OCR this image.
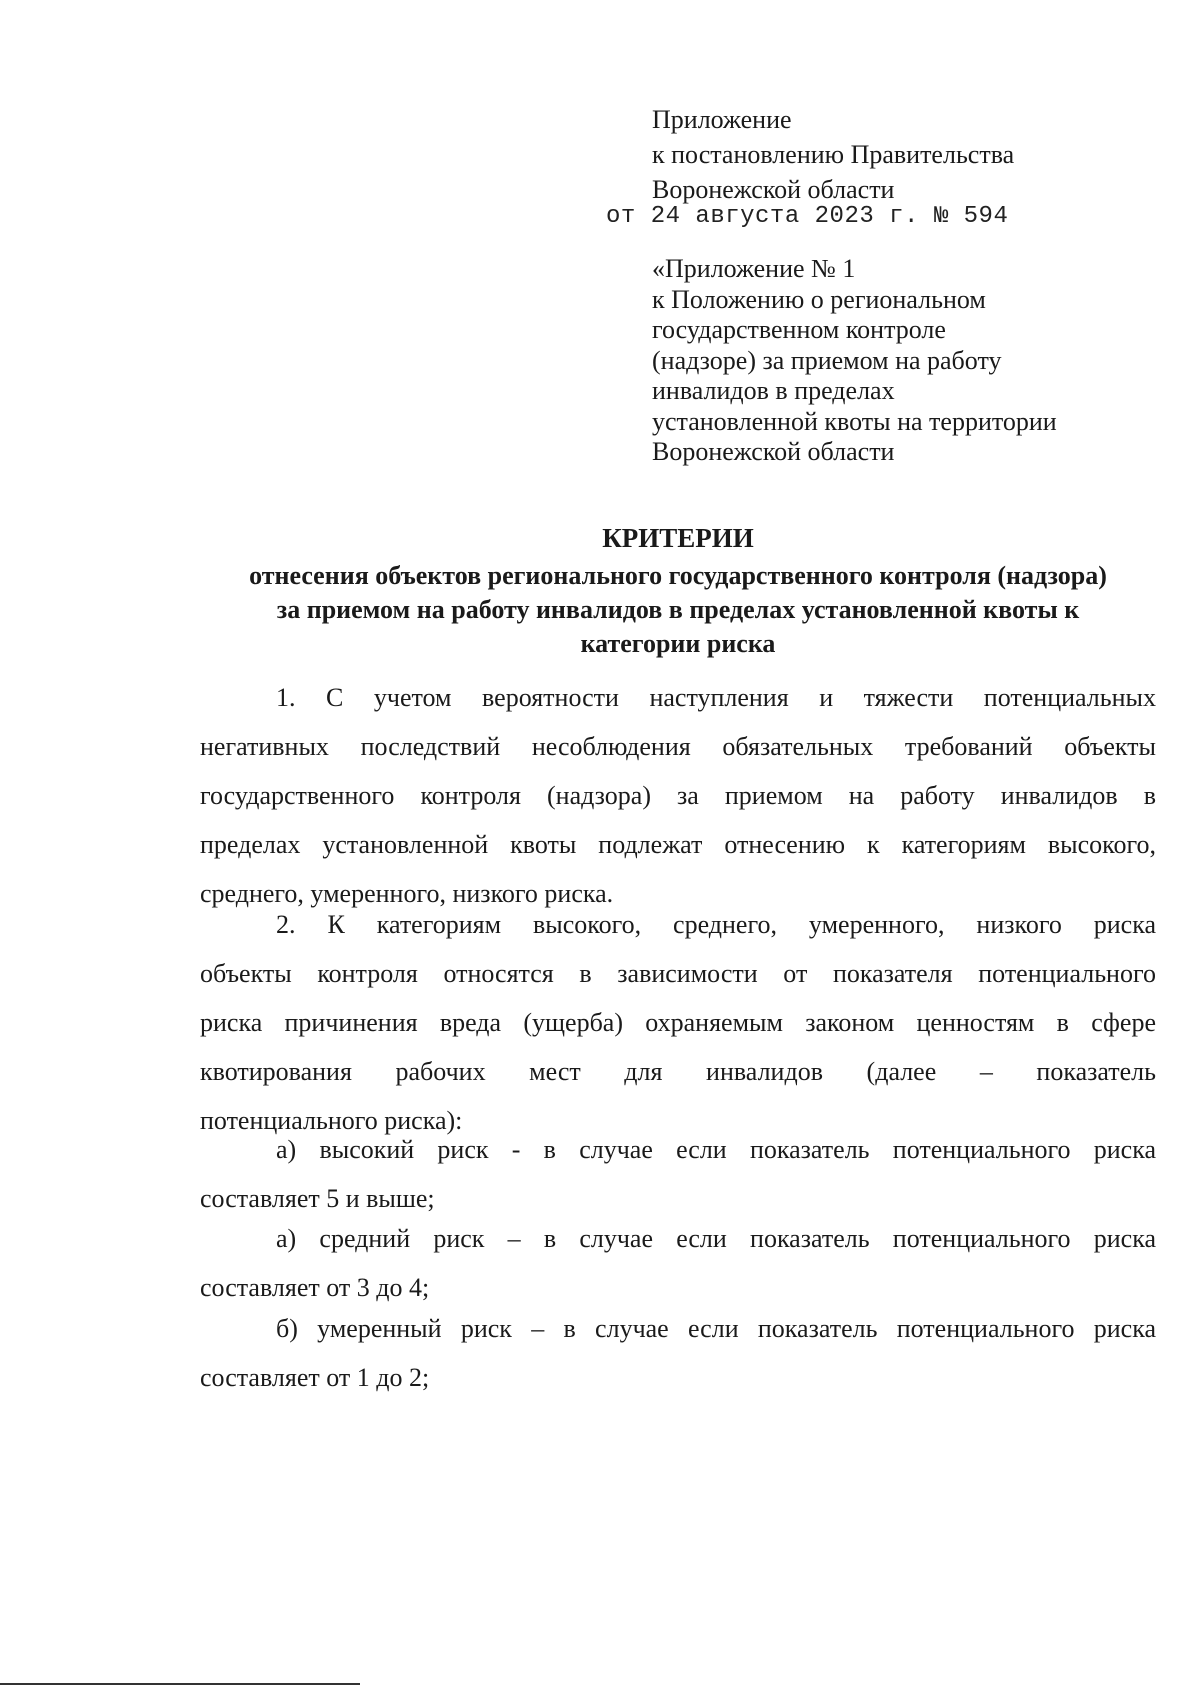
Приложение
к постановлению Правительства
Воронежской области
от 24 августа 2023 г. № 594
«Приложение № 1
к Положению о региональном
государственном контроле
(надзоре) за приемом на работу
инвалидов в пределах
установленной квоты на территории
Воронежской области
КРИТЕРИИ
отнесения объектов регионального государственного контроля (надзора)
за приемом на работу инвалидов в пределах установленной квоты к
категории риска
1. С учетом вероятности наступления и тяжести потенциальных
негативных последствий несоблюдения обязательных требований объекты
государственного контроля (надзора) за приемом на работу инвалидов в
пределах установленной квоты подлежат отнесению к категориям высокого,
среднего, умеренного, низкого риска.
2. К категориям высокого, среднего, умеренного, низкого риска
объекты контроля относятся в зависимости от показателя потенциального
риска причинения вреда (ущерба) охраняемым законом ценностям в сфере
квотирования рабочих мест для инвалидов (далее – показатель
потенциального риска):
а) высокий риск - в случае если показатель потенциального риска
составляет 5 и выше;
а) средний риск – в случае если показатель потенциального риска
составляет от 3 до 4;
б) умеренный риск – в случае если показатель потенциального риска
составляет от 1 до 2;
